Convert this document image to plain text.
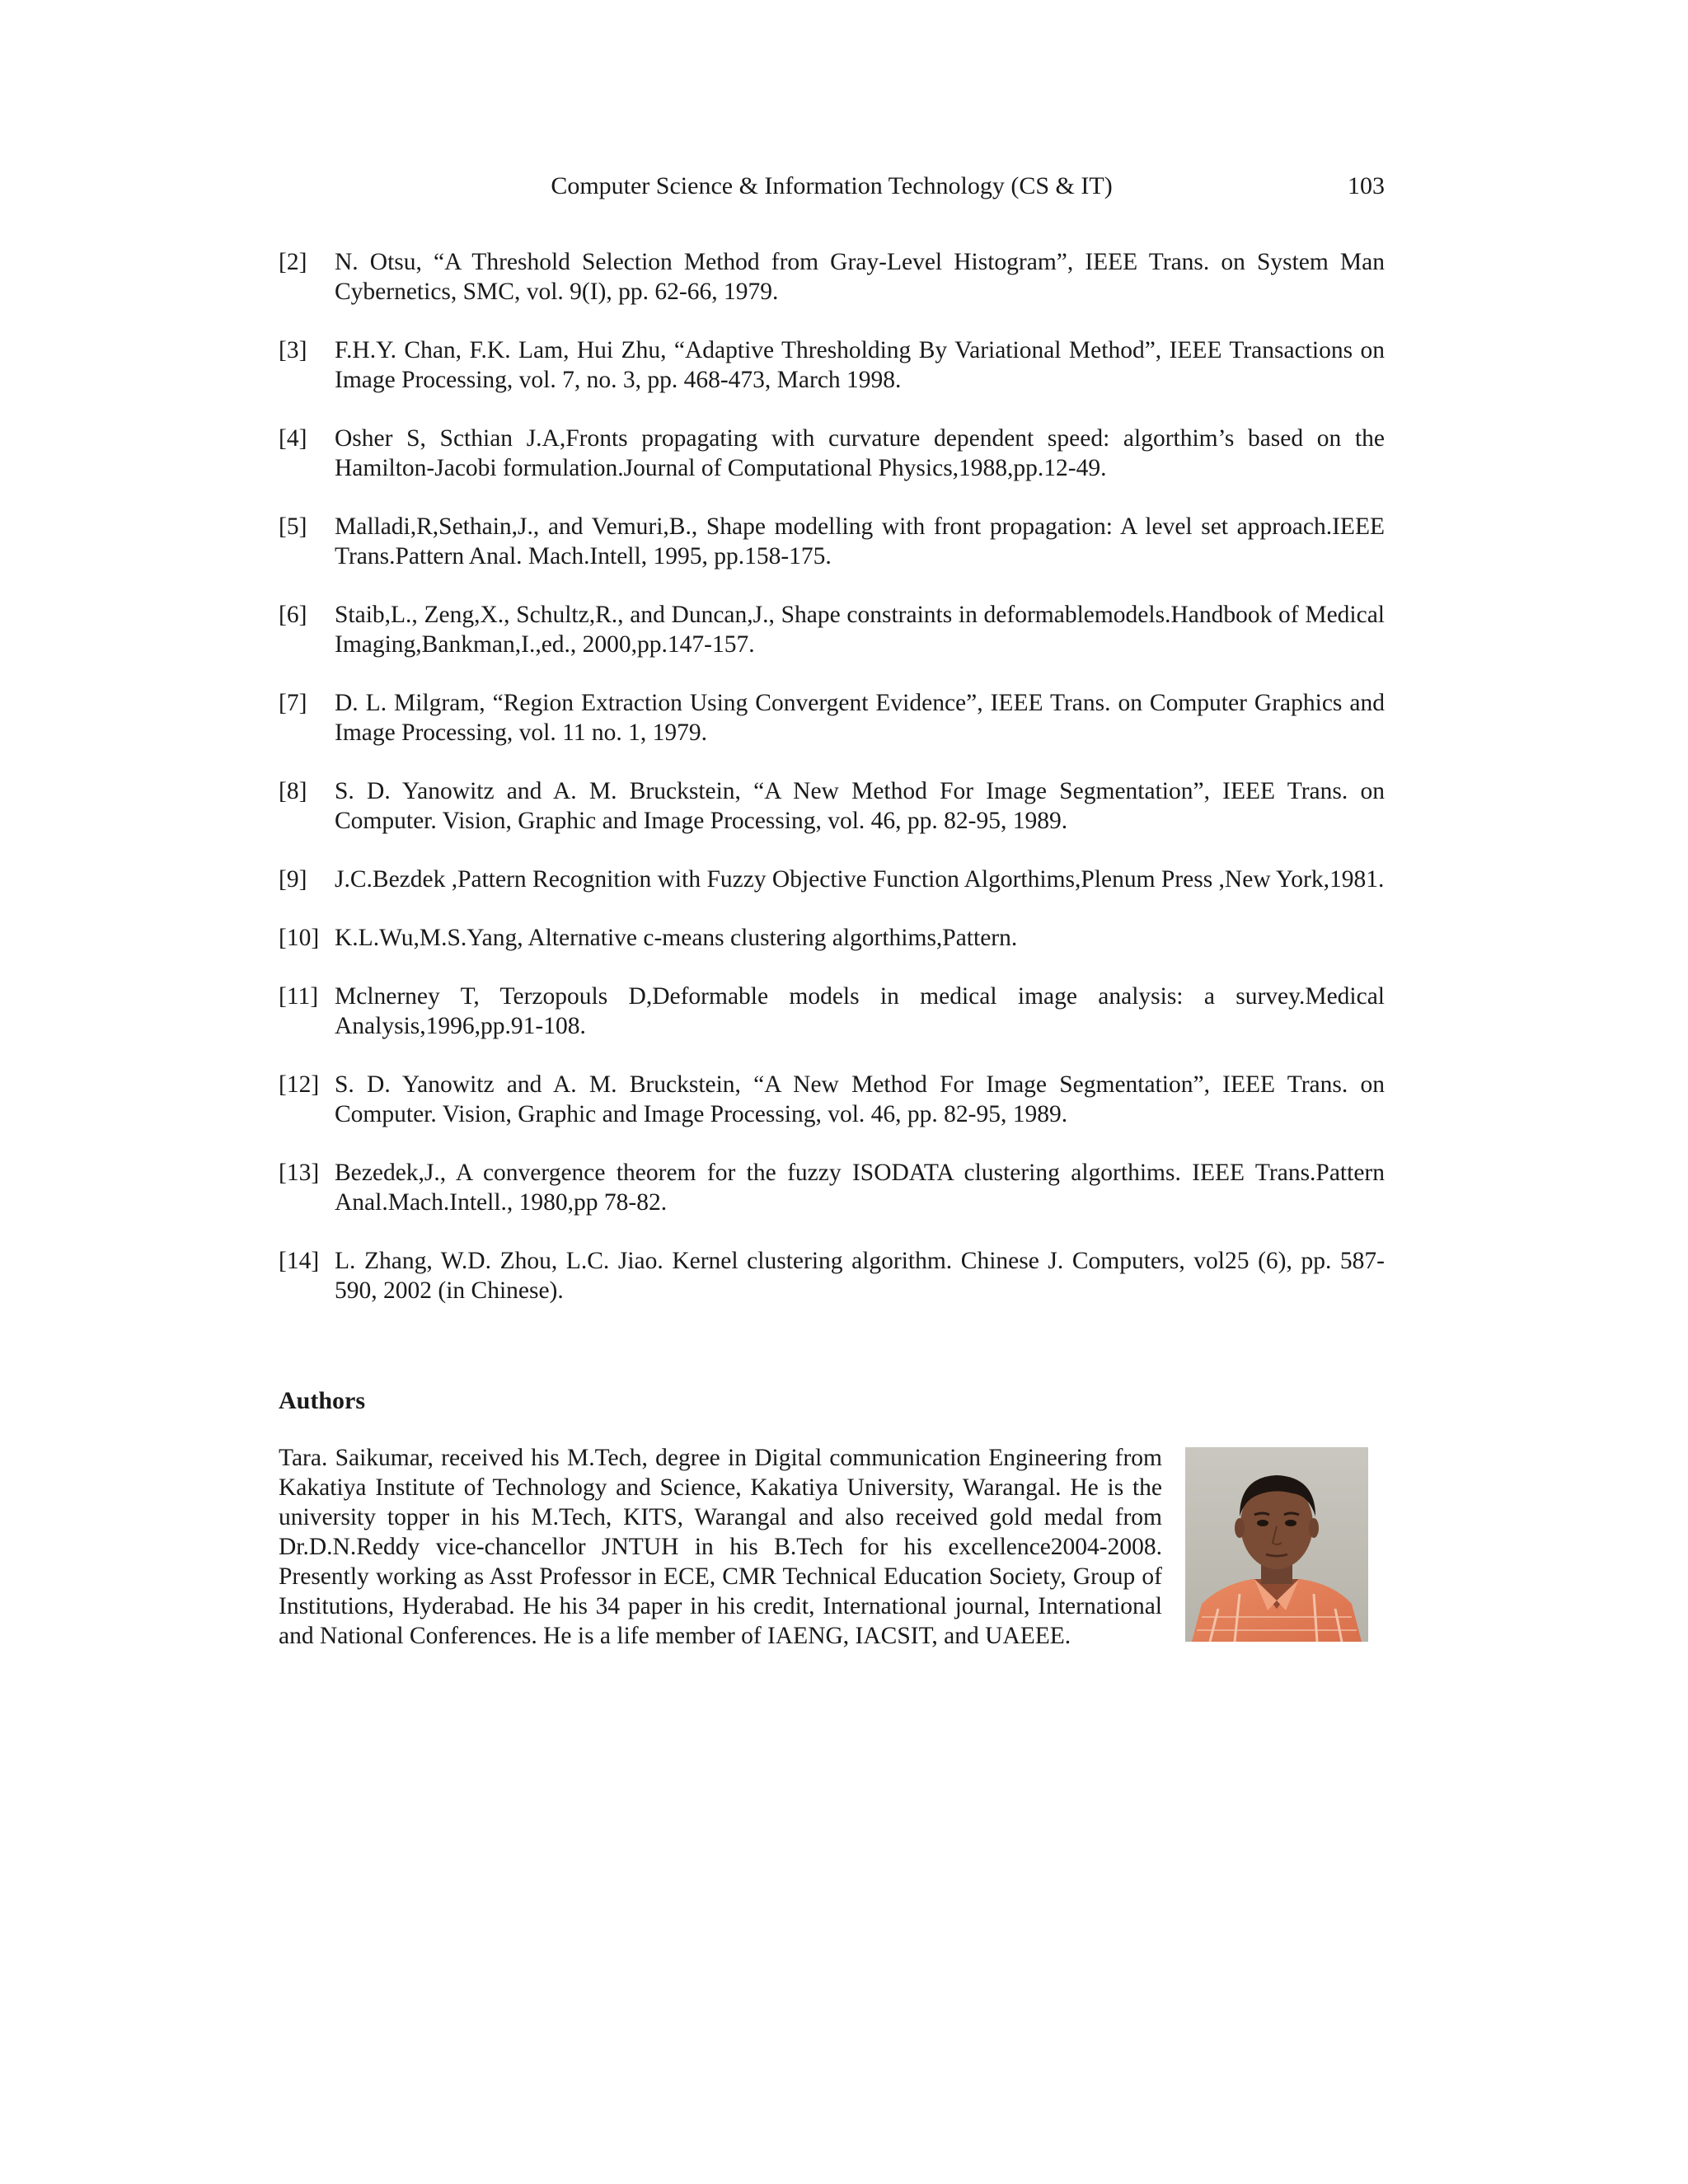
Computer Science & Information Technology (CS & IT)	103
[2]	N. Otsu, “A Threshold Selection Method from Gray-Level Histogram”, IEEE Trans. on System Man Cybernetics, SMC, vol. 9(I), pp. 62-66, 1979.
[3]	F.H.Y. Chan, F.K. Lam, Hui Zhu, “Adaptive Thresholding By Variational Method”, IEEE Transactions on Image Processing, vol. 7, no. 3, pp. 468-473, March 1998.
[4]	Osher S, Scthian J.A,Fronts propagating with curvature dependent speed: algorthim’s based on the Hamilton-Jacobi formulation.Journal of Computational Physics,1988,pp.12-49.
[5]	Malladi,R,Sethain,J., and Vemuri,B., Shape modelling with front propagation: A level set approach.IEEE Trans.Pattern Anal. Mach.Intell, 1995, pp.158-175.
[6]	Staib,L., Zeng,X., Schultz,R., and Duncan,J., Shape constraints in deformablemodels.Handbook of Medical Imaging,Bankman,I.,ed., 2000,pp.147-157.
[7]	D. L. Milgram, “Region Extraction Using Convergent Evidence”, IEEE Trans. on Computer Graphics and Image Processing, vol. 11 no. 1, 1979.
[8]	S. D. Yanowitz and A. M. Bruckstein, “A New Method For Image Segmentation”, IEEE Trans. on Computer. Vision, Graphic and Image Processing, vol. 46, pp. 82-95, 1989.
[9]	J.C.Bezdek ,Pattern Recognition with Fuzzy Objective Function Algorthims,Plenum Press ,New York,1981.
[10] K.L.Wu,M.S.Yang, Alternative c-means clustering algorthims,Pattern.
[11] Mclnerney T, Terzopouls D,Deformable models in medical image analysis: a survey.Medical Analysis,1996,pp.91-108.
[12] S. D. Yanowitz and A. M. Bruckstein, “A New Method For Image Segmentation”, IEEE Trans. on Computer. Vision, Graphic and Image Processing, vol. 46, pp. 82-95, 1989.
[13] Bezedek,J., A convergence theorem for the fuzzy ISODATA clustering algorthims. IEEE Trans.Pattern Anal.Mach.Intell., 1980,pp 78-82.
[14] L. Zhang, W.D. Zhou, L.C. Jiao. Kernel clustering algorithm. Chinese J. Computers, vol25 (6), pp. 587-590, 2002 (in Chinese).
Authors

Tara. Saikumar, received his M.Tech, degree in Digital communication Engineering from Kakatiya Institute of Technology and Science, Kakatiya University, Warangal. He is the university topper in his M.Tech, KITS, Warangal and also received gold medal from Dr.D.N.Reddy vice-chancellor JNTUH in his B.Tech for his excellence2004-2008. Presently working as Asst Professor in ECE, CMR Technical Education Society, Group of Institutions, Hyderabad. He his 34 paper in his credit, International journal, International and National Conferences. He is a life member of IAENG, IACSIT, and UAEEE.
